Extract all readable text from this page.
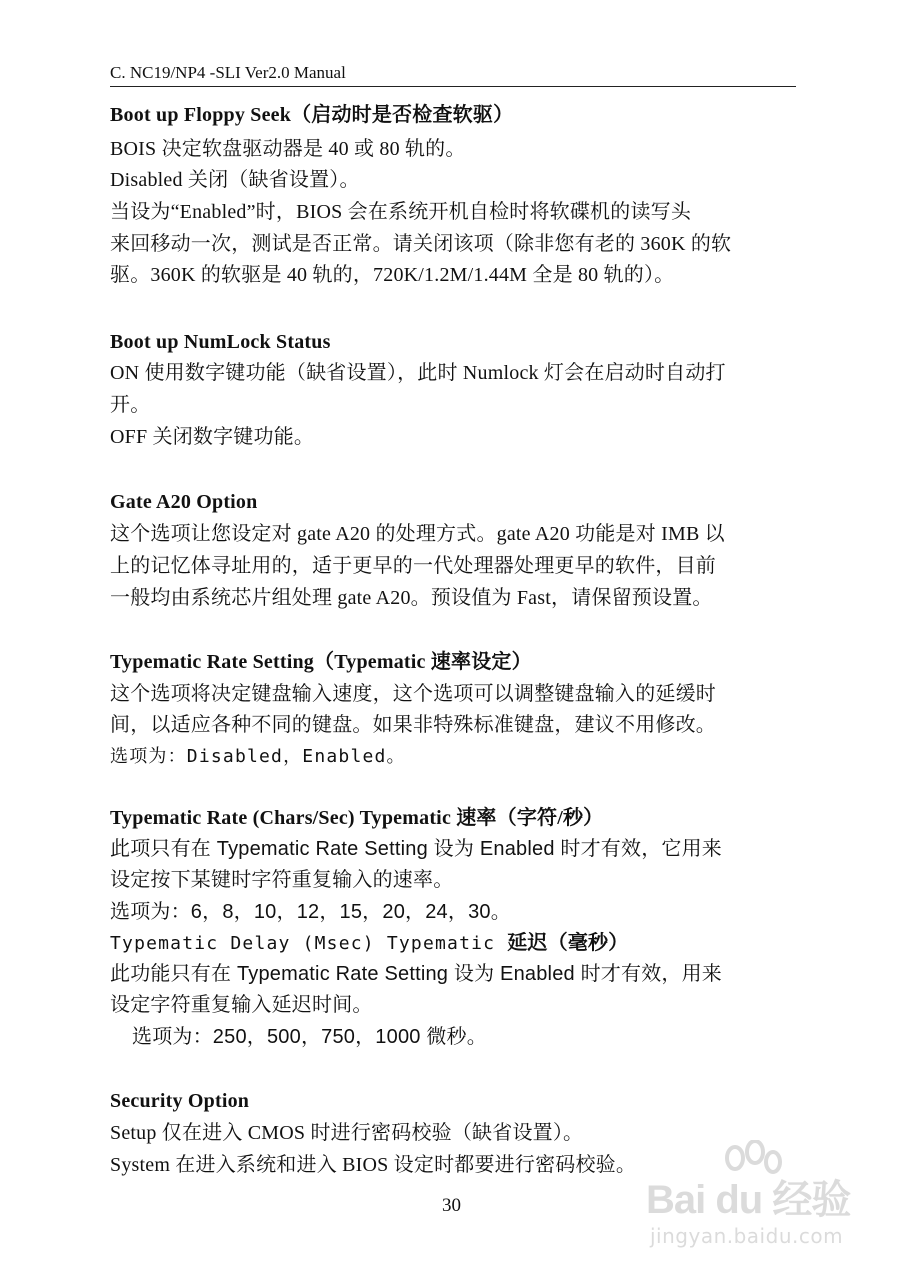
C. NC19/NP4 -SLI Ver2.0 Manual
Boot up Floppy Seek（启动时是否检查软驱）
BOIS 决定软盘驱动器是 40 或 80 轨的。
Disabled 关闭（缺省设置）。
当设为“Enabled”时，BIOS 会在系统开机自检时将软碟机的读写头
来回移动一次，测试是否正常。请关闭该项（除非您有老的 360K 的软
驱。360K 的软驱是 40 轨的，720K/1.2M/1.44M 全是 80 轨的）。
Boot up NumLock Status
ON 使用数字键功能（缺省设置），此时 Numlock 灯会在启动时自动打
开。
OFF 关闭数字键功能。
Gate A20 Option
这个选项让您设定对 gate A20 的处理方式。gate A20 功能是对 IMB 以
上的记忆体寻址用的，适于更早的一代处理器处理更早的软件，目前
一般均由系统芯片组处理 gate A20。预设值为 Fast，请保留预设置。
Typematic Rate Setting（Typematic 速率设定）
这个选项将决定键盘输入速度，这个选项可以调整键盘输入的延缓时
间，以适应各种不同的键盘。如果非特殊标准键盘，建议不用修改。
选项为：Disabled，Enabled。
Typematic Rate (Chars/Sec) Typematic 速率（字符/秒）
此项只有在 Typematic Rate Setting 设为 Enabled 时才有效，它用来
设定按下某键时字符重复输入的速率。
选项为：6，8，10，12，15，20，24，30。
Typematic Delay (Msec) Typematic 延迟（毫秒）
此功能只有在 Typematic Rate Setting 设为 Enabled 时才有效，用来
设定字符重复输入延迟时间。
选项为：250，500，750，1000 微秒。
Security Option
Setup 仅在进入 CMOS 时进行密码校验（缺省设置）。
System 在进入系统和进入 BIOS 设定时都要进行密码校验。
30	Bai du 经验
jingyan.baidu.com
